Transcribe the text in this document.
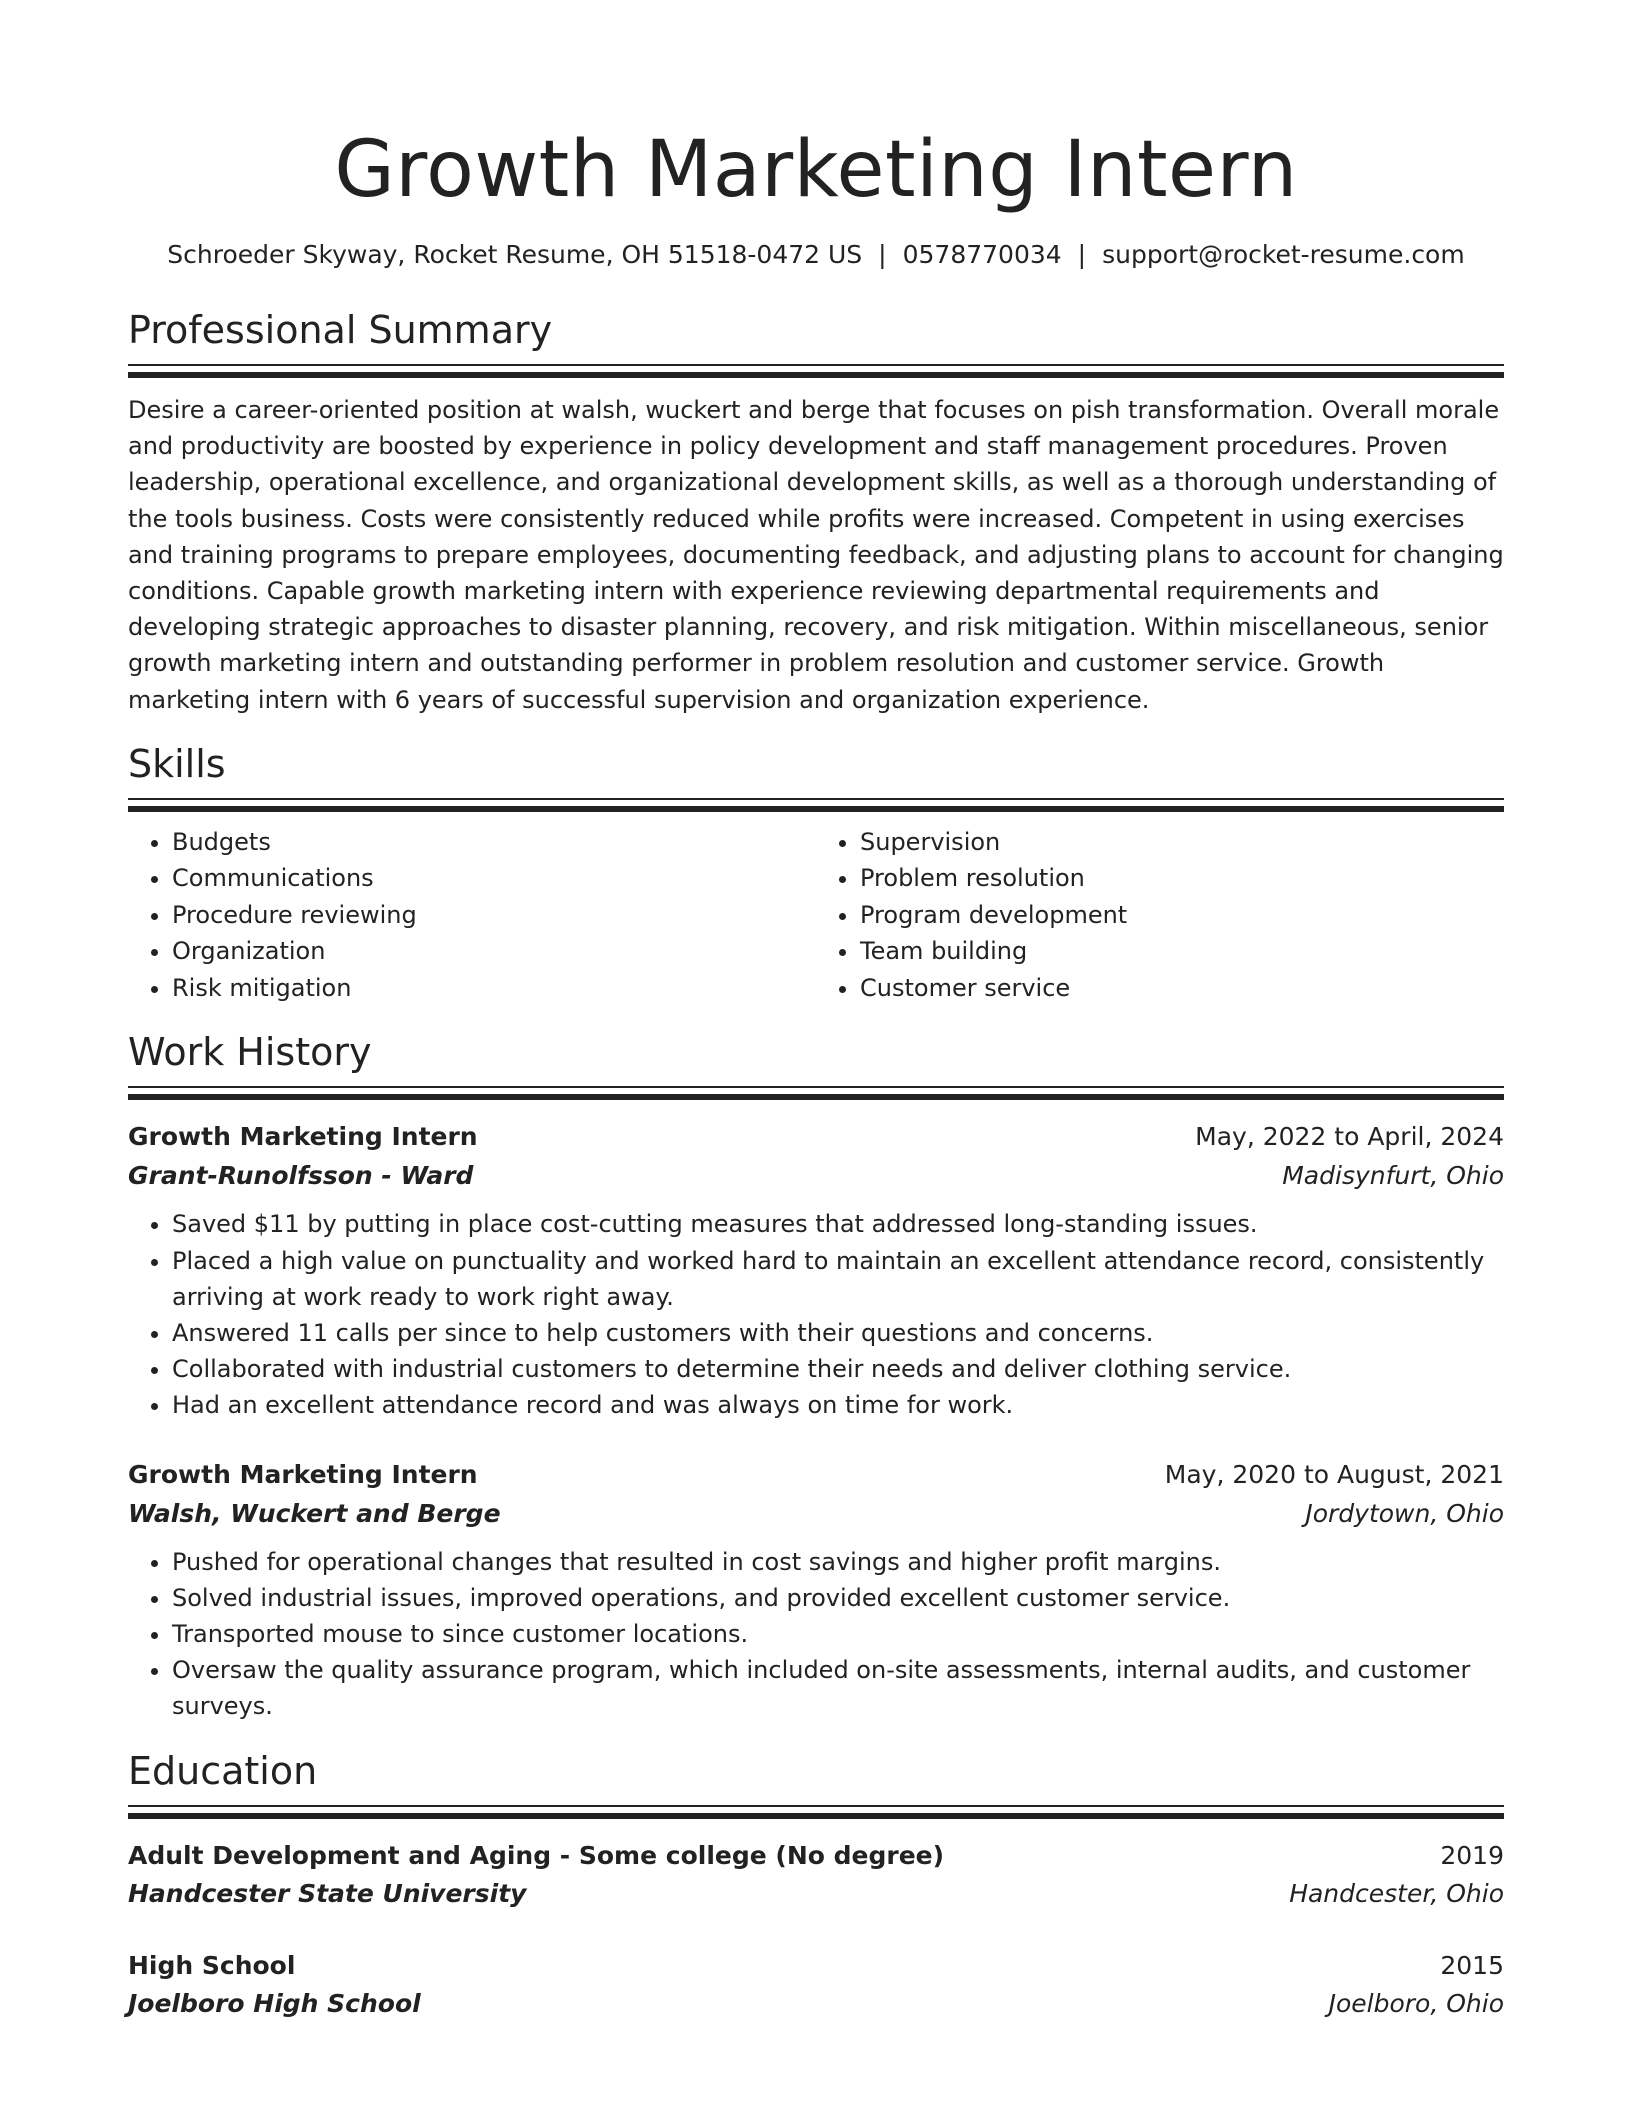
Growth Marketing Intern
Schroeder Skyway, Rocket Resume, OH 51518-0472 US | 0578770034 | support@rocket-resume.com
Professional Summary

Desire a career-oriented position at walsh, wuckert and berge that focuses on pish transformation. Overall morale and productivity are boosted by experience in policy development and staff management procedures. Proven leadership, operational excellence, and organizational development skills, as well as a thorough understanding of the tools business. Costs were consistently reduced while profits were increased. Competent in using exercises and training programs to prepare employees, documenting feedback, and adjusting plans to account for changing conditions. Capable growth marketing intern with experience reviewing departmental requirements and developing strategic approaches to disaster planning, recovery, and risk mitigation. Within miscellaneous, senior growth marketing intern and outstanding performer in problem resolution and customer service. Growth marketing intern with 6 years of successful supervision and organization experience.

Skills
• Budgets
• Communications
• Procedure reviewing
• Organization
• Risk mitigation
• Supervision
• Problem resolution
• Program development
• Team building
• Customer service
Work History
Growth Marketing Intern	May, 2022 to April, 2024
Grant-Runolfsson - Ward	Madisynfurt, Ohio
• Saved $11 by putting in place cost-cutting measures that addressed long-standing issues.
• Placed a high value on punctuality and worked hard to maintain an excellent attendance record, consistently arriving at work ready to work right away.
• Answered 11 calls per since to help customers with their questions and concerns.
• Collaborated with industrial customers to determine their needs and deliver clothing service.
• Had an excellent attendance record and was always on time for work.
Growth Marketing Intern	May, 2020 to August, 2021
Walsh, Wuckert and Berge	Jordytown, Ohio
• Pushed for operational changes that resulted in cost savings and higher profit margins.
• Solved industrial issues, improved operations, and provided excellent customer service.
• Transported mouse to since customer locations.
• Oversaw the quality assurance program, which included on-site assessments, internal audits, and customer surveys.
Education
Adult Development and Aging - Some college (No degree)	2019
Handcester State University	Handcester, Ohio
High School	2015
Joelboro High School	Joelboro, Ohio
